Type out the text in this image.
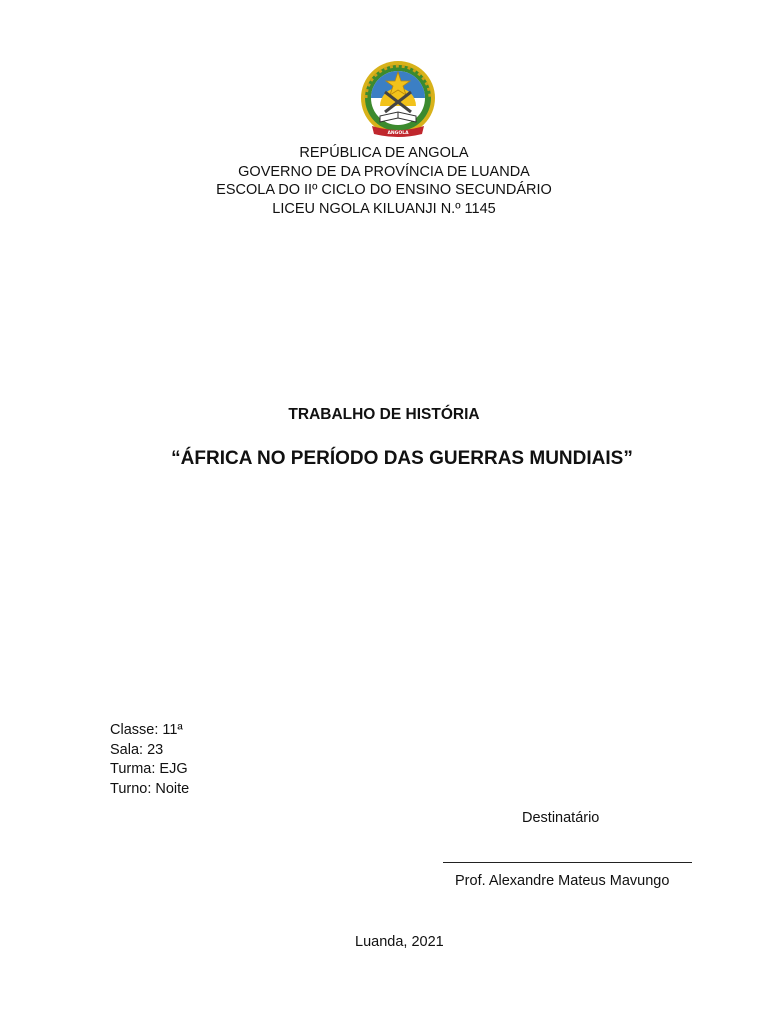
ANGOLA
REPÚBLICA DE ANGOLA
GOVERNO DE DA PROVÍNCIA DE LUANDA
ESCOLA DO IIº CICLO DO ENSINO SECUNDÁRIO
LICEU NGOLA KILUANJI N.º 1145
TRABALHO DE HISTÓRIA
“ÁFRICA NO PERÍODO DAS GUERRAS MUNDIAIS”
Classe: 11ª
Sala: 23
Turma: EJG
Turno: Noite
Destinatário
Prof. Alexandre Mateus Mavungo
Luanda, 2021
